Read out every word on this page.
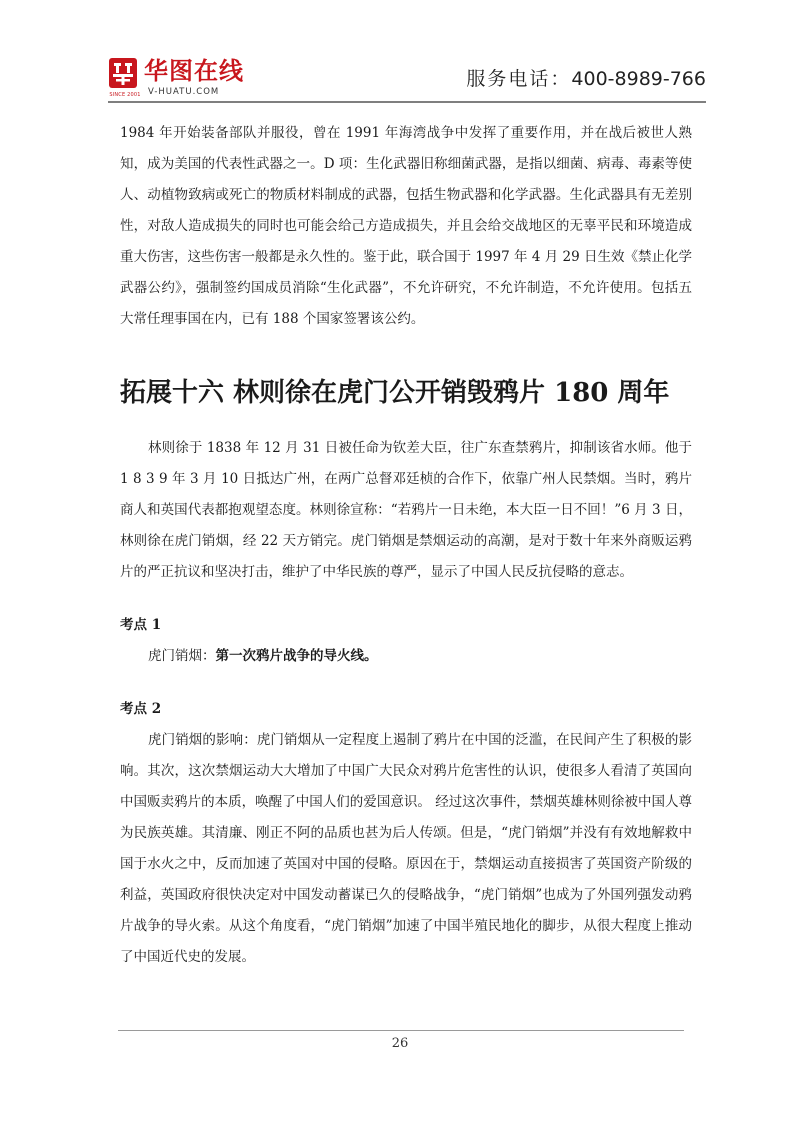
SINCE 2001
华图在线
V-HUATU.COM
服务电话：400-8989-766

1984 年开始装备部队并服役，曾在 1991 年海湾战争中发挥了重要作用，并在战后被世人熟知，成为美国的代表性武器之一。D 项：生化武器旧称细菌武器，是指以细菌、病毒、毒素等使人、动植物致病或死亡的物质材料制成的武器，包括生物武器和化学武器。生化武器具有无差别性，对敌人造成损失的同时也可能会给己方造成损失，并且会给交战地区的无辜平民和环境造成重大伤害，这些伤害一般都是永久性的。鉴于此，联合国于 1997 年 4 月 29 日生效《禁止化学武器公约》，强制签约国成员消除“生化武器”，不允许研究，不允许制造，不允许使用。包括五大常任理事国在内，已有 188 个国家签署该公约。

拓展十六 林则徐在虎门公开销毁鸦片 180 周年

林则徐于 1838 年 12 月 31 日被任命为钦差大臣，往广东查禁鸦片，抑制该省水师。他于 1 8 3 9 年 3 月 10 日抵达广州，在两广总督邓廷桢的合作下，依靠广州人民禁烟。当时，鸦片商人和英国代表都抱观望态度。林则徐宣称：“若鸦片一日未绝，本大臣一日不回！”6 月 3 日，林则徐在虎门销烟，经 22 天方销完。虎门销烟是禁烟运动的高潮，是对于数十年来外商贩运鸦片的严正抗议和坚决打击，维护了中华民族的尊严，显示了中国人民反抗侵略的意志。

考点 1

虎门销烟：第一次鸦片战争的导火线。

考点 2

虎门销烟的影响：虎门销烟从一定程度上遏制了鸦片在中国的泛滥，在民间产生了积极的影响。其次，这次禁烟运动大大增加了中国广大民众对鸦片危害性的认识，使很多人看清了英国向中国贩卖鸦片的本质，唤醒了中国人们的爱国意识。 经过这次事件，禁烟英雄林则徐被中国人尊为民族英雄。其清廉、刚正不阿的品质也甚为后人传颂。但是，“虎门销烟”并没有有效地解救中国于水火之中，反而加速了英国对中国的侵略。原因在于，禁烟运动直接损害了英国资产阶级的利益，英国政府很快决定对中国发动蓄谋已久的侵略战争，“虎门销烟”也成为了外国列强发动鸦片战争的导火索。从这个角度看，“虎门销烟”加速了中国半殖民地化的脚步，从很大程度上推动了中国近代史的发展。

26
